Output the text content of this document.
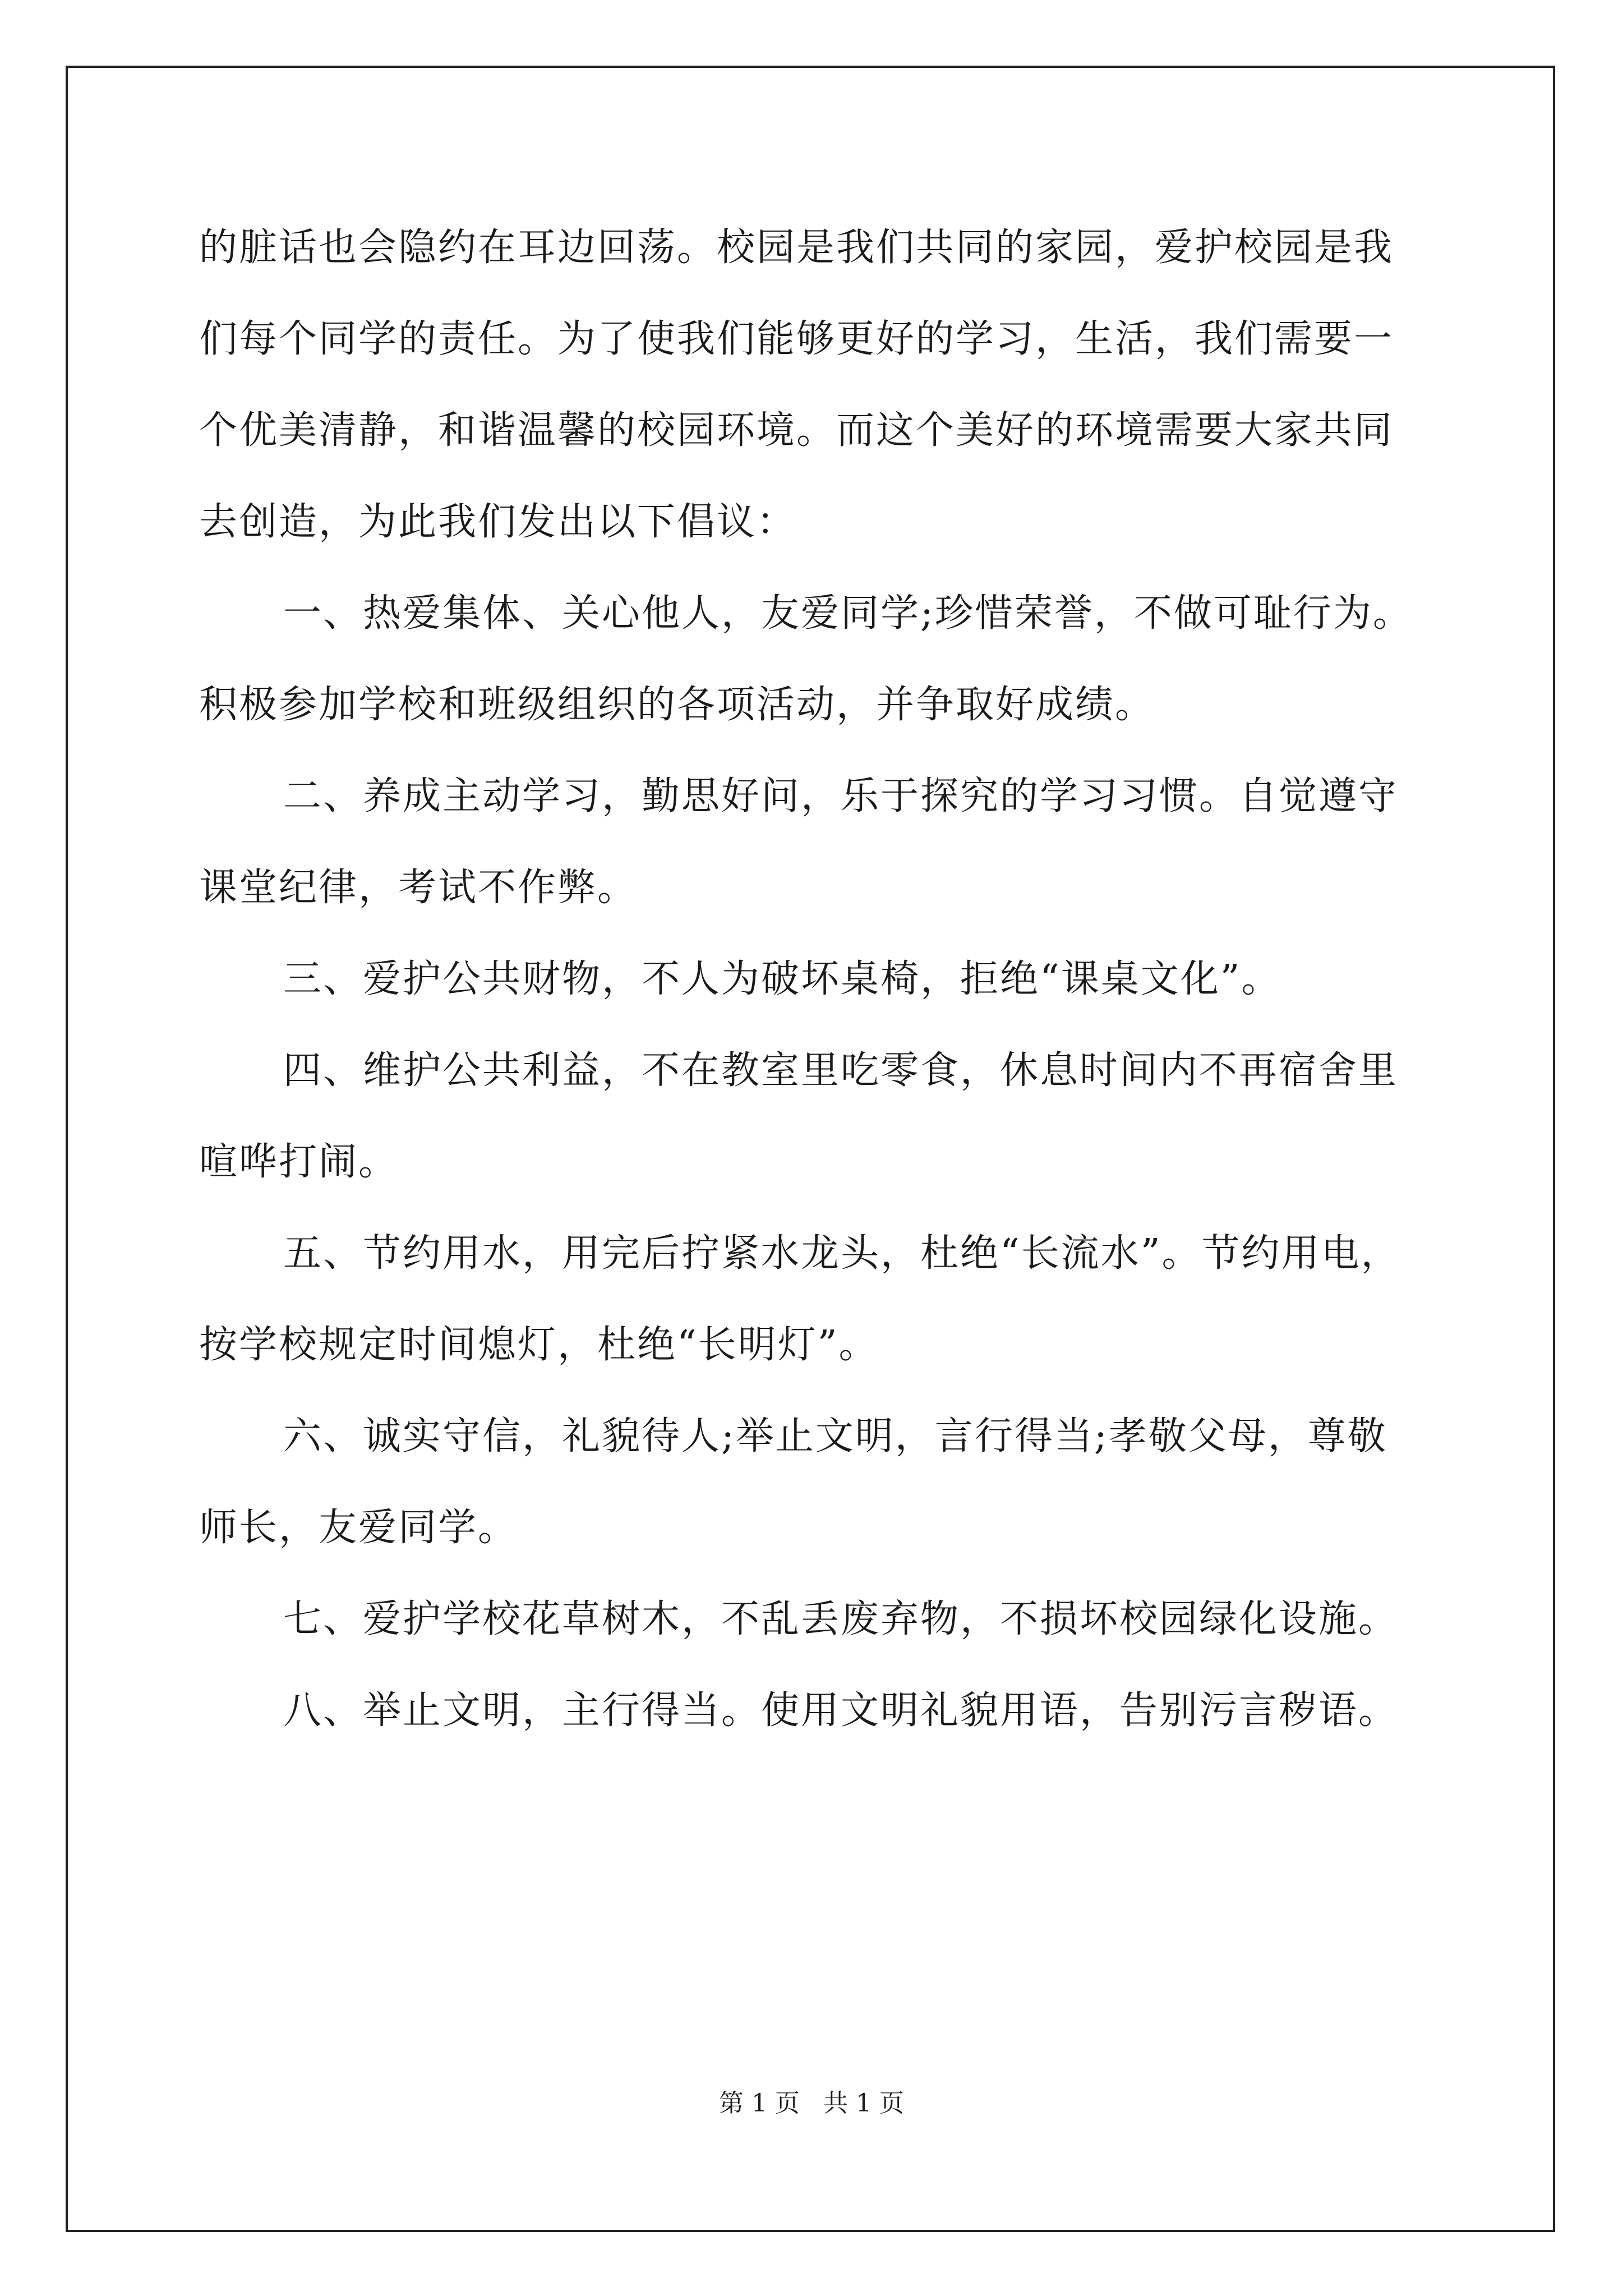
的脏话也会隐约在耳边回荡。校园是我们共同的家园，爱护校园是我
们每个同学的责任。为了使我们能够更好的学习，生活，我们需要一
个优美清静，和谐温馨的校园环境。而这个美好的环境需要大家共同
去创造，为此我们发出以下倡议：
一、热爱集体、关心他人，友爱同学;珍惜荣誉，不做可耻行为。
积极参加学校和班级组织的各项活动，并争取好成绩。
二、养成主动学习，勤思好问，乐于探究的学习习惯。自觉遵守
课堂纪律，考试不作弊。
三、爱护公共财物，不人为破坏桌椅，拒绝“课桌文化”。
四、维护公共利益，不在教室里吃零食，休息时间内不再宿舍里
喧哗打闹。
五、节约用水，用完后拧紧水龙头，杜绝“长流水”。节约用电，
按学校规定时间熄灯，杜绝“长明灯”。
六、诚实守信，礼貌待人;举止文明，言行得当;孝敬父母，尊敬
师长，友爱同学。
七、爱护学校花草树木，不乱丢废弃物，不损坏校园绿化设施。
八、举止文明，主行得当。使用文明礼貌用语，告别污言秽语。
第 1 页   共 1 页
